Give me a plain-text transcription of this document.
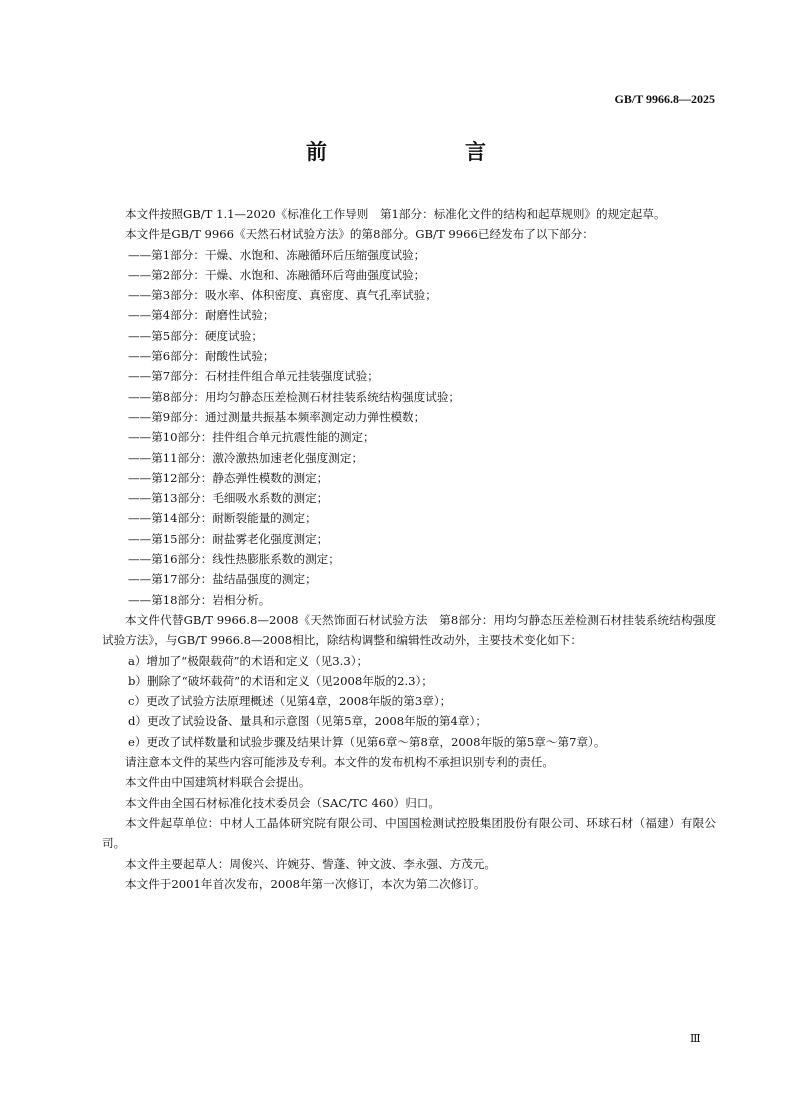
GB/T 9966.8—2025
前　　言

本文件按照GB/T 1.1—2020《标准化工作导则　第1部分：标准化文件的结构和起草规则》的规定起草。

本文件是GB/T 9966《天然石材试验方法》的第8部分。GB/T 9966已经发布了以下部分：

——第1部分：干燥、水饱和、冻融循环后压缩强度试验；

——第2部分：干燥、水饱和、冻融循环后弯曲强度试验；

——第3部分：吸水率、体积密度、真密度、真气孔率试验；

——第4部分：耐磨性试验；

——第5部分：硬度试验；

——第6部分：耐酸性试验；

——第7部分：石材挂件组合单元挂装强度试验；

——第8部分：用均匀静态压差检测石材挂装系统结构强度试验；

——第9部分：通过测量共振基本频率测定动力弹性模数；

——第10部分：挂件组合单元抗震性能的测定；

——第11部分：激冷激热加速老化强度测定；

——第12部分：静态弹性模数的测定；

——第13部分：毛细吸水系数的测定；

——第14部分：耐断裂能量的测定；

——第15部分：耐盐雾老化强度测定；

——第16部分：线性热膨胀系数的测定；

——第17部分：盐结晶强度的测定；

——第18部分：岩相分析。

本文件代替GB/T 9966.8—2008《天然饰面石材试验方法　第8部分：用均匀静态压差检测石材挂装系统结构强度试验方法》，与GB/T 9966.8—2008相比，除结构调整和编辑性改动外，主要技术变化如下：

a）增加了“极限载荷”的术语和定义（见3.3）；

b）删除了“破坏载荷”的术语和定义（见2008年版的2.3）；

c）更改了试验方法原理概述（见第4章，2008年版的第3章）；

d）更改了试验设备、量具和示意图（见第5章，2008年版的第4章）；

e）更改了试样数量和试验步骤及结果计算（见第6章～第8章，2008年版的第5章～第7章）。

请注意本文件的某些内容可能涉及专利。本文件的发布机构不承担识别专利的责任。

本文件由中国建筑材料联合会提出。

本文件由全国石材标准化技术委员会（SAC/TC 460）归口。

本文件起草单位：中材人工晶体研究院有限公司、中国国检测试控股集团股份有限公司、环球石材（福建）有限公司。

本文件主要起草人：周俊兴、许婉芬、訾蓬、钟文波、李永强、方茂元。

本文件于2001年首次发布，2008年第一次修订，本次为第二次修订。

Ⅲ
